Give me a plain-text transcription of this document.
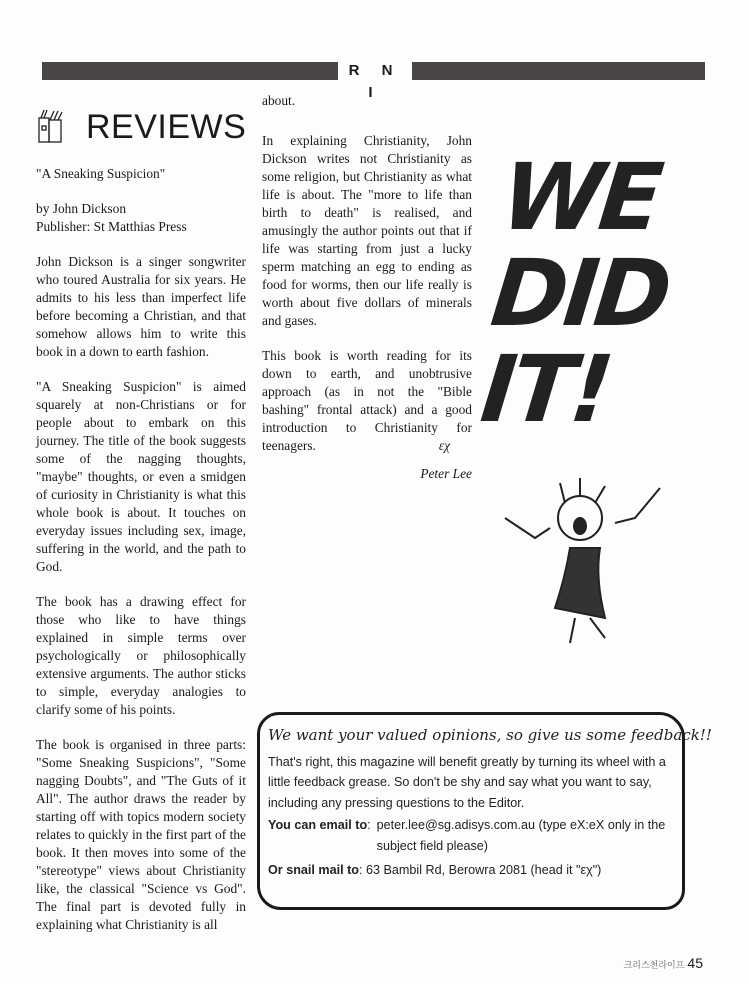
R N I
REVIEWS

"A Sneaking Suspicion"

by John Dickson

Publisher: St Matthias Press

John Dickson is a singer songwriter who toured Australia for six years. He admits to his less than imperfect life before becoming a Christian, and that somehow allows him to write this book in a down to earth fashion.

"A Sneaking Suspicion" is aimed squarely at non-Christians or for people about to embark on this journey. The title of the book suggests some of the nagging thoughts, "maybe" thoughts, or even a smidgen of curiosity in Christianity is what this whole book is about. It touches on everyday issues including sex, image, suffering in the world, and the path to God.

The book has a drawing effect for those who like to have things explained in simple terms over psychologically or philosophically extensive arguments. The author sticks to simple, everyday analogies to clarify some of his points.

The book is organised in three parts: "Some Sneaking Suspicions", "Some nagging Doubts", and "The Guts of it All". The author draws the reader by starting off with topics modern society relates to quickly in the first part of the book. It then moves into some of the "stereotype" views about Christianity like, the classical "Science vs God". The final part is devoted fully in explaining what Christianity is all

about.

In explaining Christianity, John Dickson writes not Christianity as some religion, but Christianity as what life is about. The "more to life than birth to death" is realised, and amusingly the author points out that if life was starting from just a lucky sperm matching an egg to ending as food for worms, then our life really is worth about five dollars of minerals and gases.

This book is worth reading for its down to earth, and unobtrusive approach (as in not the "Bible bashing" frontal attack) and a good introduction to Christianity for teenagers.	εχ

Peter Lee
WE
DID
IT!
We want your valued opinions, so give us some feedback!!
That's right, this magazine will benefit greatly by turning its wheel with a little feedback grease. So don't be shy and say what you want to say, including any pressing questions to the Editor.
You can email to: peter.lee@sg.adisys.com.au (type eX:eX only in the subject field please)
Or snail mail to: 63 Bambil Rd, Berowra 2081 (head it "εχ")
크리스천라이프 45
